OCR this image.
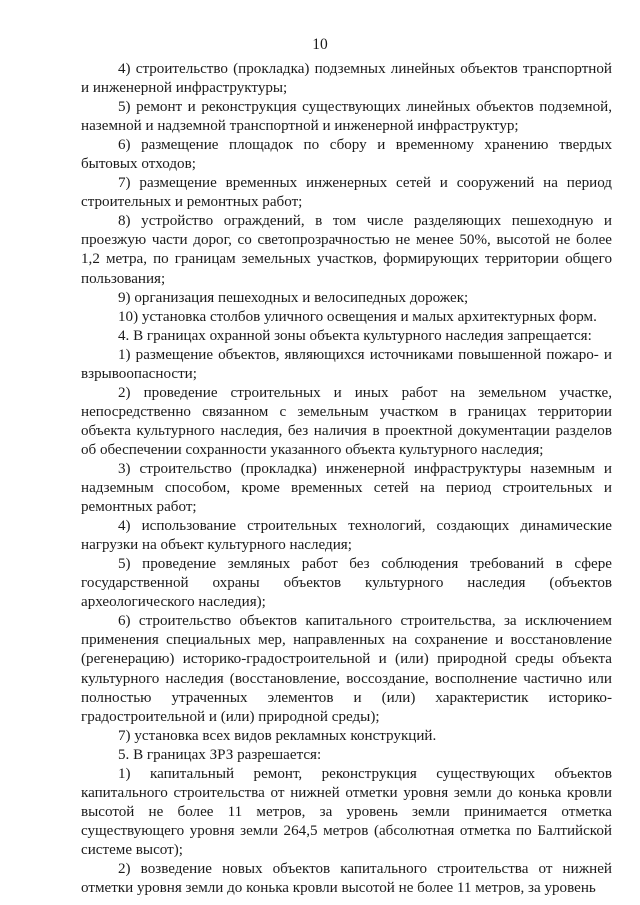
10

4) строительство (прокладка) подземных линейных объектов транспортной и инженерной инфраструктуры;

5) ремонт и реконструкция существующих линейных объектов подземной, наземной и надземной транспортной и инженерной инфраструктур;

6) размещение площадок по сбору и временному хранению твердых бытовых отходов;

7) размещение временных инженерных сетей и сооружений на период строительных и ремонтных работ;

8) устройство ограждений, в том числе разделяющих пешеходную и проезжую части дорог, со светопрозрачностью не менее 50%, высотой не более 1,2 метра, по границам земельных участков, формирующих территории общего пользования;

9) организация пешеходных и велосипедных дорожек;

10) установка столбов уличного освещения и малых архитектурных форм.

4. В границах охранной зоны объекта культурного наследия запрещается:

1) размещение объектов, являющихся источниками повышенной пожаро- и взрывоопасности;

2) проведение строительных и иных работ на земельном участке, непосредственно связанном с земельным участком в границах территории объекта культурного наследия, без наличия в проектной документации разделов об обеспечении сохранности указанного объекта культурного наследия;

3) строительство (прокладка) инженерной инфраструктуры наземным и надземным способом, кроме временных сетей на период строительных и ремонтных работ;

4) использование строительных технологий, создающих динамические нагрузки на объект культурного наследия;

5) проведение земляных работ без соблюдения требований в сфере государственной охраны объектов культурного наследия (объектов археологического наследия);

6) строительство объектов капитального строительства, за исключением применения специальных мер, направленных на сохранение и восстановление (регенерацию) историко-градостроительной и (или) природной среды объекта культурного наследия (восстановление, воссоздание, восполнение частично или полностью утраченных элементов и (или) характеристик историко-градостроительной и (или) природной среды);

7) установка всех видов рекламных конструкций.

5. В границах ЗРЗ разрешается:

1) капитальный ремонт, реконструкция существующих объектов капитального строительства от нижней отметки уровня земли до конька кровли высотой не более 11 метров, за уровень земли принимается отметка существующего уровня земли 264,5 метров (абсолютная отметка по Балтийской системе высот);

2) возведение новых объектов капитального строительства от нижней отметки уровня земли до конька кровли высотой не более 11 метров, за уровень
